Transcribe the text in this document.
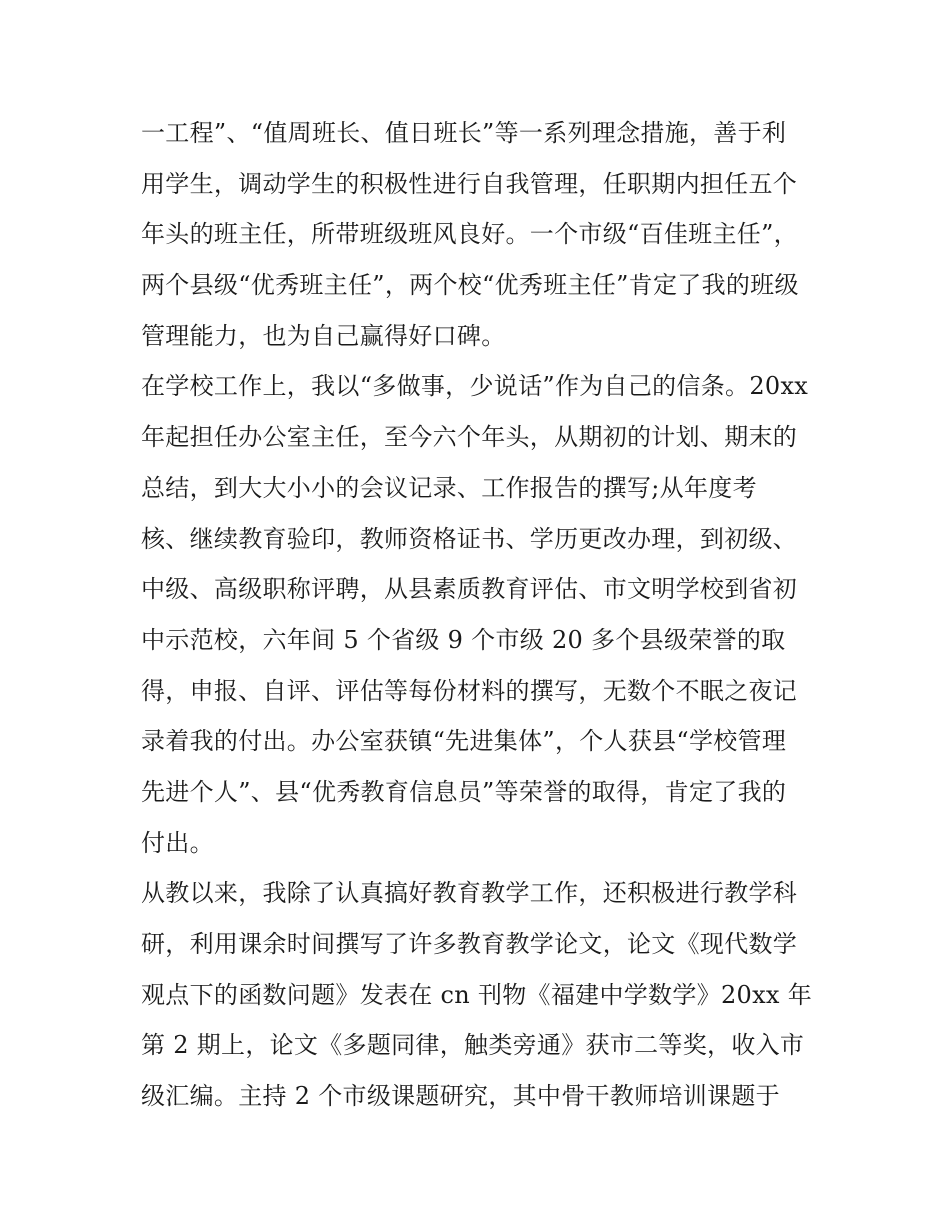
一工程”、“值周班长、值日班长”等一系列理念措施，善于利
用学生，调动学生的积极性进行自我管理，任职期内担任五个
年头的班主任，所带班级班风良好。一个市级“百佳班主任”，
两个县级“优秀班主任”，两个校“优秀班主任”肯定了我的班级
管理能力，也为自己赢得好口碑。
在学校工作上，我以“多做事，少说话”作为自己的信条。20xx
年起担任办公室主任，至今六个年头，从期初的计划、期末的
总结，到大大小小的会议记录、工作报告的撰写;从年度考
核、继续教育验印，教师资格证书、学历更改办理，到初级、
中级、高级职称评聘，从县素质教育评估、市文明学校到省初
中示范校，六年间 5 个省级 9 个市级 20 多个县级荣誉的取
得，申报、自评、评估等每份材料的撰写，无数个不眠之夜记
录着我的付出。办公室获镇“先进集体”，个人获县“学校管理
先进个人”、县“优秀教育信息员”等荣誉的取得，肯定了我的
付出。
从教以来，我除了认真搞好教育教学工作，还积极进行教学科
研，利用课余时间撰写了许多教育教学论文，论文《现代数学
观点下的函数问题》发表在 cn 刊物《福建中学数学》20xx 年
第 2 期上，论文《多题同律，触类旁通》获市二等奖，收入市
级汇编。主持 2 个市级课题研究，其中骨干教师培训课题于
